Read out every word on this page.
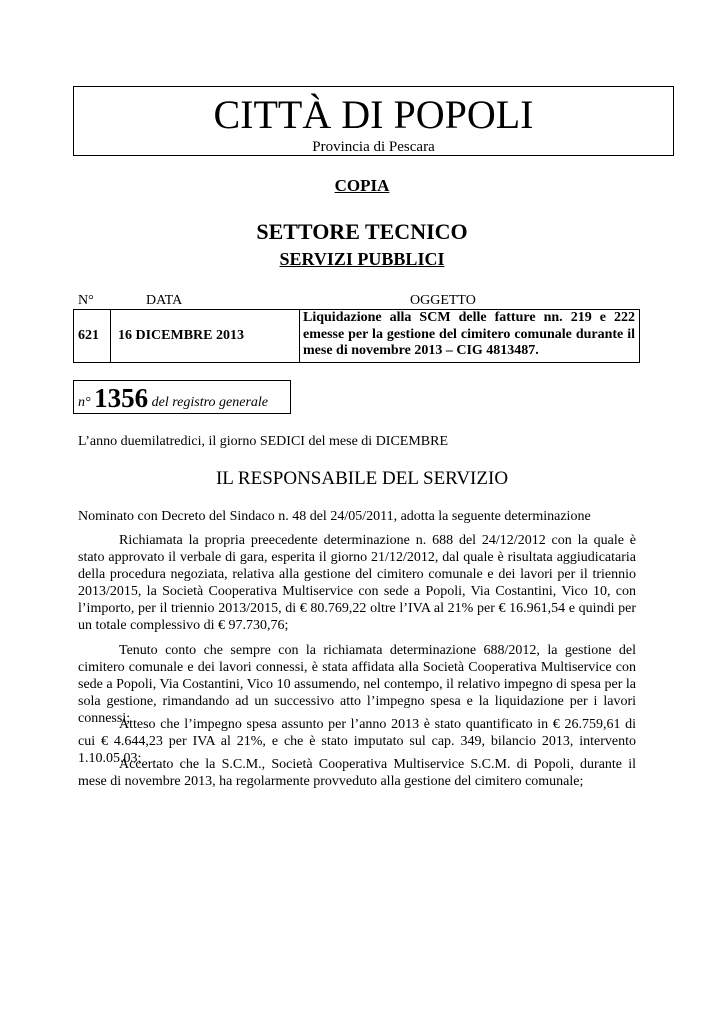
CITTÀ DI POPOLI
Provincia di Pescara
COPIA
SETTORE TECNICO
SERVIZI PUBBLICI
N°	DATA	OGGETTO
621 16 DICEMBRE 2013
Liquidazione alla SCM delle fatture nn. 219 e 222 emesse per la gestione del cimitero comunale durante il mese di novembre 2013 – CIG 4813487.
n° 1356 del registro generale
L’anno duemilatredici, il giorno SEDICI del mese di DICEMBRE
IL RESPONSABILE DEL SERVIZIO
Nominato con Decreto del Sindaco n. 48 del 24/05/2011, adotta la seguente determinazione
Richiamata la propria preecedente determinazione n. 688 del 24/12/2012 con la quale è stato approvato il verbale di gara, esperita il giorno 21/12/2012, dal quale è risultata aggiudicataria della procedura negoziata, relativa alla gestione del cimitero comunale e dei lavori per il triennio 2013/2015, la Società Cooperativa Multiservice con sede a Popoli, Via Costantini, Vico 10, con l’importo, per il triennio 2013/2015, di € 80.769,22 oltre l’IVA al 21% per € 16.961,54 e quindi per un totale complessivo di € 97.730,76;
Tenuto conto che sempre con la richiamata determinazione 688/2012, la gestione del cimitero comunale e dei lavori connessi, è stata affidata alla Società Cooperativa Multiservice con sede a Popoli, Via Costantini, Vico 10 assumendo, nel contempo, il relativo impegno di spesa per la sola gestione, rimandando ad un successivo atto l’impegno spesa e la liquidazione per i lavori connessi;
Atteso che l’impegno spesa assunto per l’anno 2013 è stato quantificato in € 26.759,61 di cui € 4.644,23 per IVA al 21%, e che è stato imputato sul cap. 349, bilancio 2013, intervento 1.10.05.03;
Accertato che la S.C.M., Società Cooperativa Multiservice S.C.M. di Popoli, durante il mese di novembre 2013, ha regolarmente provveduto alla gestione del cimitero comunale;
